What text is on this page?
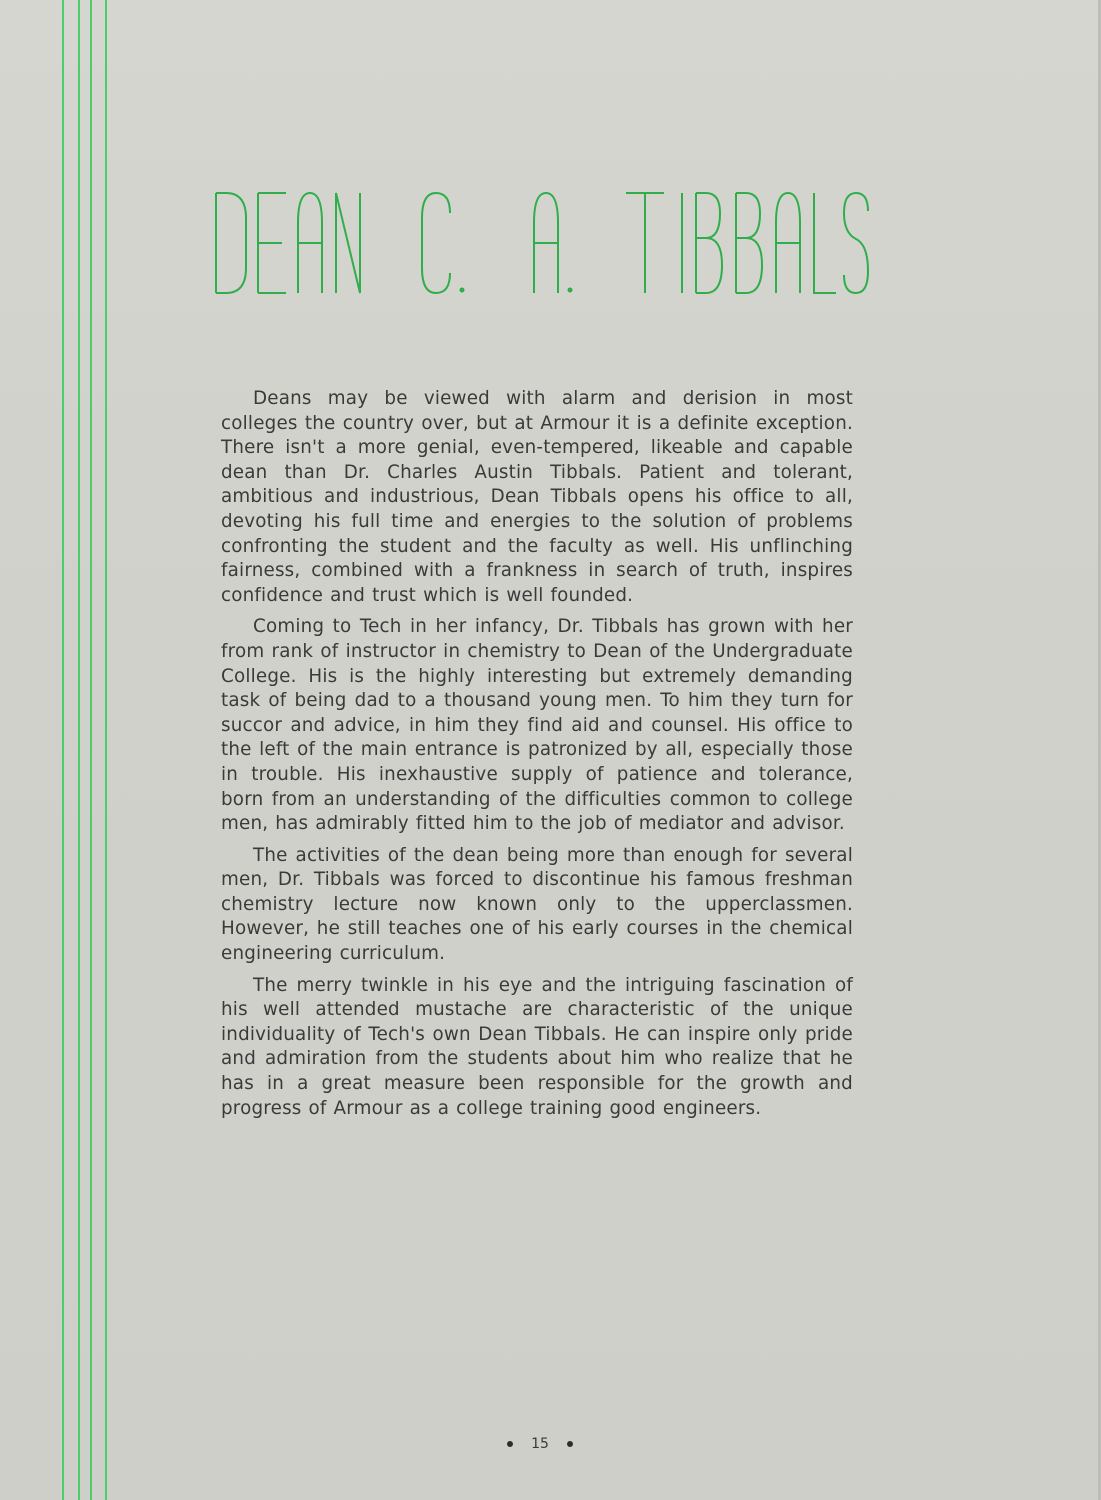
Deans may be viewed with alarm and derision in most colleges the country over, but at Armour it is a definite exception. There isn't a more genial, even-tempered, likeable and capable dean than Dr. Charles Austin Tibbals. Patient and tolerant, ambitious and industrious, Dean Tibbals opens his office to all, devoting his full time and energies to the solution of problems confronting the student and the faculty as well. His unflinching fairness, combined with a frankness in search of truth, inspires confidence and trust which is well founded.

Coming to Tech in her infancy, Dr. Tibbals has grown with her from rank of instructor in chemistry to Dean of the Undergraduate College. His is the highly interesting but extremely demanding task of being dad to a thousand young men. To him they turn for succor and advice, in him they find aid and counsel. His office to the left of the main entrance is patronized by all, especially those in trouble. His inexhaustive supply of patience and tolerance, born from an understanding of the difficulties common to college men, has admirably fitted him to the job of mediator and advisor.

The activities of the dean being more than enough for several men, Dr. Tibbals was forced to discontinue his famous freshman chemistry lecture now known only to the upperclassmen. However, he still teaches one of his early courses in the chemical engineering curriculum.

The merry twinkle in his eye and the intriguing fascination of his well attended mustache are characteristic of the unique individuality of Tech's own Dean Tibbals. He can inspire only pride and admiration from the students about him who realize that he has in a great measure been responsible for the growth and progress of Armour as a college training good engineers.

15
